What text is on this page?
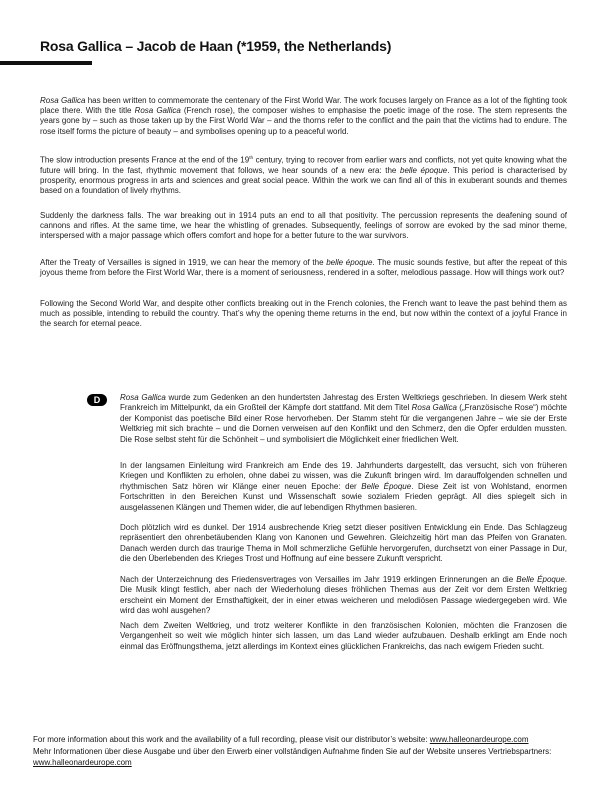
Rosa Gallica – Jacob de Haan (*1959, the Netherlands)

Rosa Gallica has been written to commemorate the centenary of the First World War. The work focuses largely on France as a lot of the fighting took place there. With the title Rosa Gallica (French rose), the composer wishes to emphasise the poetic image of the rose. The stem represents the years gone by – such as those taken up by the First World War – and the thorns refer to the conflict and the pain that the victims had to endure. The rose itself forms the picture of beauty – and symbolises opening up to a peaceful world.

The slow introduction presents France at the end of the 19th century, trying to recover from earlier wars and conflicts, not yet quite knowing what the future will bring. In the fast, rhythmic movement that follows, we hear sounds of a new era: the belle époque. This period is characterised by prosperity, enormous progress in arts and sciences and great social peace. Within the work we can find all of this in exuberant sounds and themes based on a foundation of lively rhythms.

Suddenly the darkness falls. The war breaking out in 1914 puts an end to all that positivity. The percussion represents the deafening sound of cannons and rifles. At the same time, we hear the whistling of grenades. Subsequently, feelings of sorrow are evoked by the sad minor theme, interspersed with a major passage which offers comfort and hope for a better future to the war survivors.

After the Treaty of Versailles is signed in 1919, we can hear the memory of the belle époque. The music sounds festive, but after the repeat of this joyous theme from before the First World War, there is a moment of seriousness, rendered in a softer, melodious passage. How will things work out?

Following the Second World War, and despite other conflicts breaking out in the French colonies, the French want to leave the past behind them as much as possible, intending to rebuild the country. That’s why the opening theme returns in the end, but now within the context of a joyful France in the search for eternal peace.

D	Rosa Gallica wurde zum Gedenken an den hundertsten Jahrestag des Ersten Weltkriegs geschrieben. In diesem Werk steht Frankreich im Mittelpunkt, da ein Großteil der Kämpfe dort stattfand. Mit dem Titel Rosa Gallica („Französische Rose“) möchte der Komponist das poetische Bild einer Rose hervorheben. Der Stamm steht für die vergangenen Jahre – wie sie der Erste Weltkrieg mit sich brachte – und die Dornen verweisen auf den Konflikt und den Schmerz, den die Opfer erdulden mussten. Die Rose selbst steht für die Schönheit – und symbolisiert die Möglichkeit einer friedlichen Welt.

In der langsamen Einleitung wird Frankreich am Ende des 19. Jahrhunderts dargestellt, das versucht, sich von früheren Kriegen und Konflikten zu erholen, ohne dabei zu wissen, was die Zukunft bringen wird. Im darauffolgenden schnellen und rhythmischen Satz hören wir Klänge einer neuen Epoche: der Belle Époque. Diese Zeit ist von Wohlstand, enormen Fortschritten in den Bereichen Kunst und Wissenschaft sowie sozialem Frieden geprägt. All dies spiegelt sich in ausgelassenen Klängen und Themen wider, die auf lebendigen Rhythmen basieren.

Doch plötzlich wird es dunkel. Der 1914 ausbrechende Krieg setzt dieser positiven Entwicklung ein Ende. Das Schlagzeug repräsentiert den ohrenbetäubenden Klang von Kanonen und Gewehren. Gleichzeitig hört man das Pfeifen von Granaten. Danach werden durch das traurige Thema in Moll schmerzliche Gefühle hervorgerufen, durchsetzt von einer Passage in Dur, die den Überlebenden des Krieges Trost und Hoffnung auf eine bessere Zukunft verspricht.

Nach der Unterzeichnung des Friedensvertrages von Versailles im Jahr 1919 erklingen Erinnerungen an die Belle Époque. Die Musik klingt festlich, aber nach der Wiederholung dieses fröhlichen Themas aus der Zeit vor dem Ersten Weltkrieg erscheint ein Moment der Ernsthaftigkeit, der in einer etwas weicheren und melodiösen Passage wiedergegeben wird. Wie wird das wohl ausgehen?

Nach dem Zweiten Weltkrieg, und trotz weiterer Konflikte in den französischen Kolonien, möchten die Franzosen die Vergangenheit so weit wie möglich hinter sich lassen, um das Land wieder aufzubauen. Deshalb erklingt am Ende noch einmal das Eröffnungsthema, jetzt allerdings im Kontext eines glücklichen Frankreichs, das nach ewigem Frieden sucht.

For more information about this work and the availability of a full recording, please visit our distributor’s website: www.halleonardeurope.com

Mehr Informationen über diese Ausgabe und über den Erwerb einer vollständigen Aufnahme finden Sie auf der Website unseres Vertriebspartners:

www.halleonardeurope.com
